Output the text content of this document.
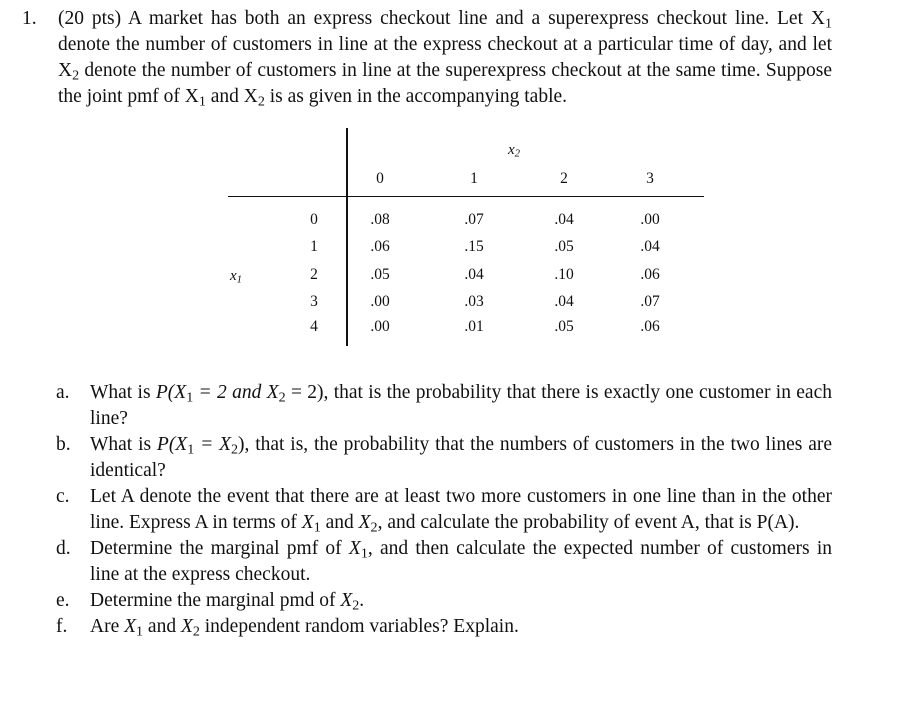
1. (20 pts) A market has both an express checkout line and a superexpress checkout line. Let $X_1$ denote the number of customers in line at the express checkout at a particular time of day, and let $X_2$ denote the number of customers in line at the superexpress checkout at the same time. Suppose the joint pmf of $X_1$ and $X_2$ is as given in the accompanying table.
$x_2$
$x_1$
0	1	2	3
0	.08	.07	.04	.00
1	.06	.15	.05	.04
2	.05	.04	.10	.06
3	.00	.03	.04	.07
4	.00	.01	.05	.06
a. What is $P(X_1 = 2$ and $X_2 = 2$), that is the probability that there is exactly one customer in each line?
b. What is $P(X_1 = X_2)$, that is, the probability that the numbers of customers in the two lines are identical?
c. Let A denote the event that there are at least two more customers in one line than in the other line. Express A in terms of $X_1$ and $X_2$, and calculate the probability of event A, that is P(A).
d. Determine the marginal pmf of $X_1$, and then calculate the expected number of customers in line at the express checkout.
e. Determine the marginal pmd of $X_2$.
f. Are $X_1$ and $X_2$ independent random variables? Explain.
